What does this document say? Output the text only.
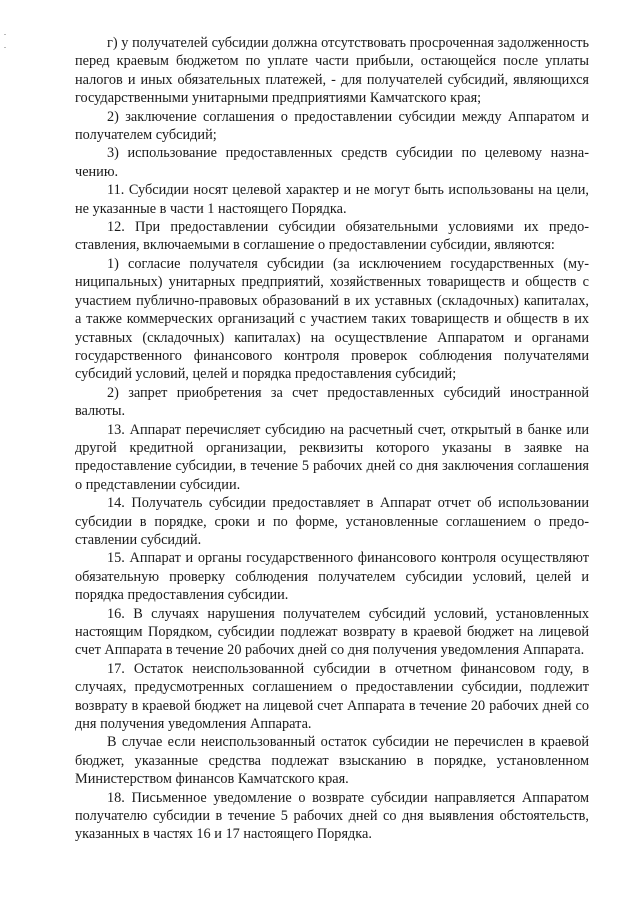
г) у получателей субсидии должна отсутствовать просроченная задолженность перед краевым бюджетом по уплате части прибыли, остающейся после уплаты налогов и иных обязательных платежей, - для получателей субсидий, являющихся государственными унитарными предприятиями Камчатского края;

2) заключение соглашения о предоставлении субсидии между Аппаратом и получателем субсидий;

3) использование предоставленных средств субсидии по целевому назначению.

11. Субсидии носят целевой характер и не могут быть использованы на цели, не указанные в части 1 настоящего Порядка.

12. При предоставлении субсидии обязательными условиями их предоставления, включаемыми в соглашение о предоставлении субсидии, являются:

1) согласие получателя субсидии (за исключением государственных (муниципальных) унитарных предприятий, хозяйственных товариществ и обществ с участием публично-правовых образований в их уставных (складочных) капиталах, а также коммерческих организаций с участием таких товариществ и обществ в их уставных (складочных) капиталах) на осуществление Аппаратом и органами государственного финансового контроля проверок соблюдения получателями субсидий условий, целей и порядка предоставления субсидий;

2) запрет приобретения за счет предоставленных субсидий иностранной валюты.

13. Аппарат перечисляет субсидию на расчетный счет, открытый в банке или другой кредитной организации, реквизиты которого указаны в заявке на предоставление субсидии, в течение 5 рабочих дней со дня заключения соглашения о представлении субсидии.

14. Получатель субсидии предоставляет в Аппарат отчет об использовании субсидии в порядке, сроки и по форме, установленные соглашением о предоставлении субсидий.

15. Аппарат и органы государственного финансового контроля осуществляют обязательную проверку соблюдения получателем субсидии условий, целей и порядка предоставления субсидии.

16. В случаях нарушения получателем субсидий условий, установленных настоящим Порядком, субсидии подлежат возврату в краевой бюджет на лицевой счет Аппарата в течение 20 рабочих дней со дня получения уведомления Аппарата.

17. Остаток неиспользованной субсидии в отчетном финансовом году, в случаях, предусмотренных соглашением о предоставлении субсидии, подлежит возврату в краевой бюджет на лицевой счет Аппарата в течение 20 рабочих дней со дня получения уведомления Аппарата.

В случае если неиспользованный остаток субсидии не перечислен в краевой бюджет, указанные средства подлежат взысканию в порядке, установленном Министерством финансов Камчатского края.

18. Письменное уведомление о возврате субсидии направляется Аппаратом получателю субсидии в течение 5 рабочих дней со дня выявления обстоятельств, указанных в частях 16 и 17 настоящего Порядка.
